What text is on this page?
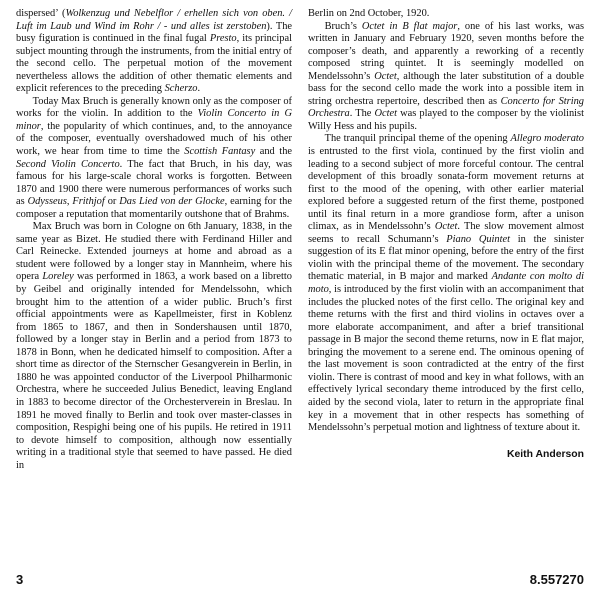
dispersed’ (Wolkenzug und Nebelflor / erhellen sich von oben. / Luft im Laub und Wind im Rohr / - und alles ist zerstoben). The busy figuration is continued in the final fugal Presto, its principal subject mounting through the instruments, from the initial entry of the second cello. The perpetual motion of the movement nevertheless allows the addition of other thematic elements and explicit references to the preceding Scherzo.

Today Max Bruch is generally known only as the composer of works for the violin. In addition to the Violin Concerto in G minor, the popularity of which continues, and, to the annoyance of the composer, eventually overshadowed much of his other work, we hear from time to time the Scottish Fantasy and the Second Violin Concerto. The fact that Bruch, in his day, was famous for his large-scale choral works is forgotten. Between 1870 and 1900 there were numerous performances of works such as Odysseus, Frithjof or Das Lied von der Glocke, earning for the composer a reputation that momentarily outshone that of Brahms.

Max Bruch was born in Cologne on 6th January, 1838, in the same year as Bizet. He studied there with Ferdinand Hiller and Carl Reinecke. Extended journeys at home and abroad as a student were followed by a longer stay in Mannheim, where his opera Loreley was performed in 1863, a work based on a libretto by Geibel and originally intended for Mendelssohn, which brought him to the attention of a wider public. Bruch’s first official appointments were as Kapellmeister, first in Koblenz from 1865 to 1867, and then in Sondershausen until 1870, followed by a longer stay in Berlin and a period from 1873 to 1878 in Bonn, when he dedicated himself to composition. After a short time as director of the Sternscher Gesangverein in Berlin, in 1880 he was appointed conductor of the Liverpool Philharmonic Orchestra, where he succeeded Julius Benedict, leaving England in 1883 to become director of the Orchesterverein in Breslau. In 1891 he moved finally to Berlin and took over master-classes in composition, Respighi being one of his pupils. He retired in 1911 to devote himself to composition, although now essentially writing in a traditional style that seemed to have passed. He died in

Berlin on 2nd October, 1920.

Bruch’s Octet in B flat major, one of his last works, was written in January and February 1920, seven months before the composer’s death, and apparently a reworking of a recently composed string quintet. It is seemingly modelled on Mendelssohn’s Octet, although the later substitution of a double bass for the second cello made the work into a possible item in string orchestra repertoire, described then as Concerto for String Orchestra. The Octet was played to the composer by the violinist Willy Hess and his pupils.

The tranquil principal theme of the opening Allegro moderato is entrusted to the first viola, continued by the first violin and leading to a second subject of more forceful contour. The central development of this broadly sonata-form movement returns at first to the mood of the opening, with other earlier material explored before a suggested return of the first theme, postponed until its final return in a more grandiose form, after a unison climax, as in Mendelssohn’s Octet. The slow movement almost seems to recall Schumann’s Piano Quintet in the sinister suggestion of its E flat minor opening, before the entry of the first violin with the principal theme of the movement. The secondary thematic material, in B major and marked Andante con molto di moto, is introduced by the first violin with an accompaniment that includes the plucked notes of the first cello. The original key and theme returns with the first and third violins in octaves over a more elaborate accompaniment, and after a brief transitional passage in B major the second theme returns, now in E flat major, bringing the movement to a serene end. The ominous opening of the last movement is soon contradicted at the entry of the first violin. There is contrast of mood and key in what follows, with an effectively lyrical secondary theme introduced by the first cello, aided by the second viola, later to return in the appropriate final key in a movement that in other respects has something of Mendelssohn’s perpetual motion and lightness of texture about it.

Keith Anderson
3	8.557270
